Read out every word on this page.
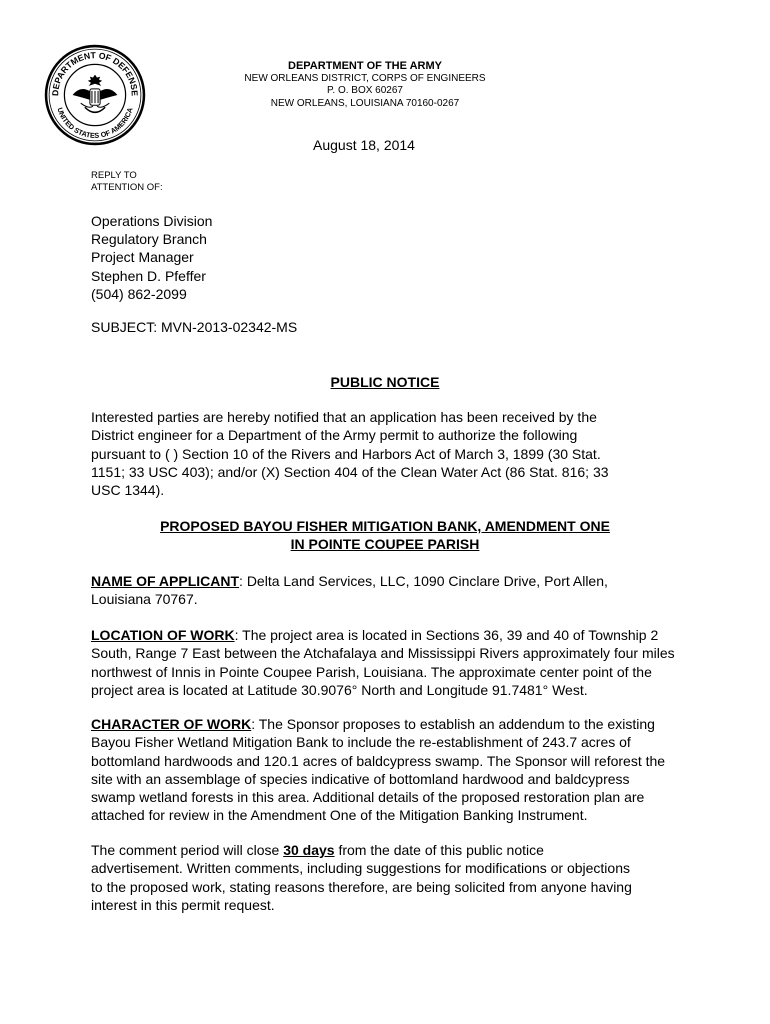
DEPARTMENT OF DEFENSE
UNITED STATES OF AMERICA
DEPARTMENT OF THE ARMY
NEW ORLEANS DISTRICT, CORPS OF ENGINEERS
P. O. BOX 60267
NEW ORLEANS, LOUISIANA 70160-0267
August 18, 2014
REPLY TO
ATTENTION OF:
Operations Division
Regulatory Branch
Project Manager
Stephen D. Pfeffer
(504) 862-2099
SUBJECT: MVN-2013-02342-MS
PUBLIC NOTICE
Interested parties are hereby notified that an application has been received by the
District engineer for a Department of the Army permit to authorize the following
pursuant to ( ) Section 10 of the Rivers and Harbors Act of March 3, 1899 (30 Stat.
1151; 33 USC 403); and/or (X) Section 404 of the Clean Water Act (86 Stat. 816; 33
USC 1344).
PROPOSED BAYOU FISHER MITIGATION BANK, AMENDMENT ONE
IN POINTE COUPEE PARISH
NAME OF APPLICANT: Delta Land Services, LLC, 1090 Cinclare Drive, Port Allen,
Louisiana 70767.
LOCATION OF WORK: The project area is located in Sections 36, 39 and 40 of Township 2
South, Range 7 East between the Atchafalaya and Mississippi Rivers approximately four miles
northwest of Innis in Pointe Coupee Parish, Louisiana. The approximate center point of the
project area is located at Latitude 30.9076° North and Longitude 91.7481° West.
CHARACTER OF WORK: The Sponsor proposes to establish an addendum to the existing
Bayou Fisher Wetland Mitigation Bank to include the re-establishment of 243.7 acres of
bottomland hardwoods and 120.1 acres of baldcypress swamp. The Sponsor will reforest the
site with an assemblage of species indicative of bottomland hardwood and baldcypress
swamp wetland forests in this area. Additional details of the proposed restoration plan are
attached for review in the Amendment One of the Mitigation Banking Instrument.
The comment period will close 30 days from the date of this public notice
advertisement. Written comments, including suggestions for modifications or objections
to the proposed work, stating reasons therefore, are being solicited from anyone having
interest in this permit request.
